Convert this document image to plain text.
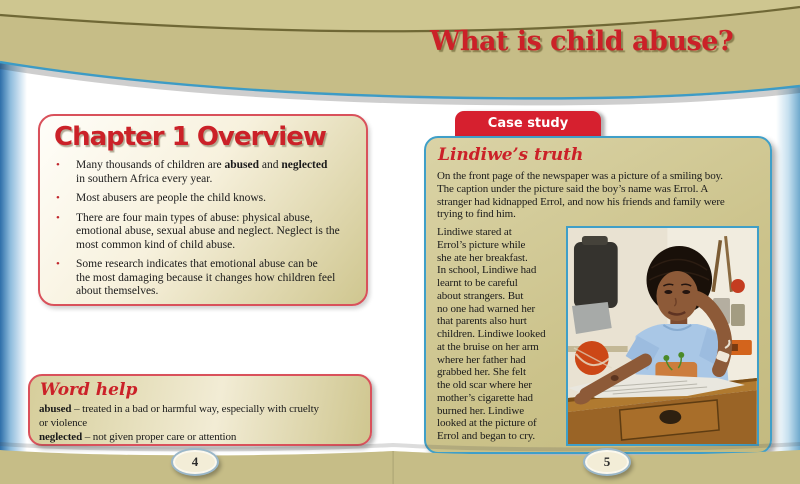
What is child abuse?
Chapter 1 Overview
• Many thousands of children are abused and neglected
in southern Africa every year.
• Most abusers are people the child knows.
• There are four main types of abuse: physical abuse,
emotional abuse, sexual abuse and neglect. Neglect is the
most common kind of child abuse.
• Some research indicates that emotional abuse can be
the most damaging because it changes how children feel
about themselves.
Word help
abused – treated in a bad or harmful way, especially with cruelty
or violence
neglected – not given proper care or attention
Case study
Lindiwe’s truth
On the front page of the newspaper was a picture of a smiling boy.
The caption under the picture said the boy’s name was Errol. A
stranger had kidnapped Errol, and now his friends and family were
trying to find him.
Lindiwe stared at
Errol’s picture while
she ate her breakfast.
In school, Lindiwe had
learnt to be careful
about strangers. But
no one had warned her
that parents also hurt
children. Lindiwe looked
at the bruise on her arm
where her father had
grabbed her. She felt
the old scar where her
mother’s cigarette had
burned her. Lindiwe
looked at the picture of
Errol and began to cry.
4	5
